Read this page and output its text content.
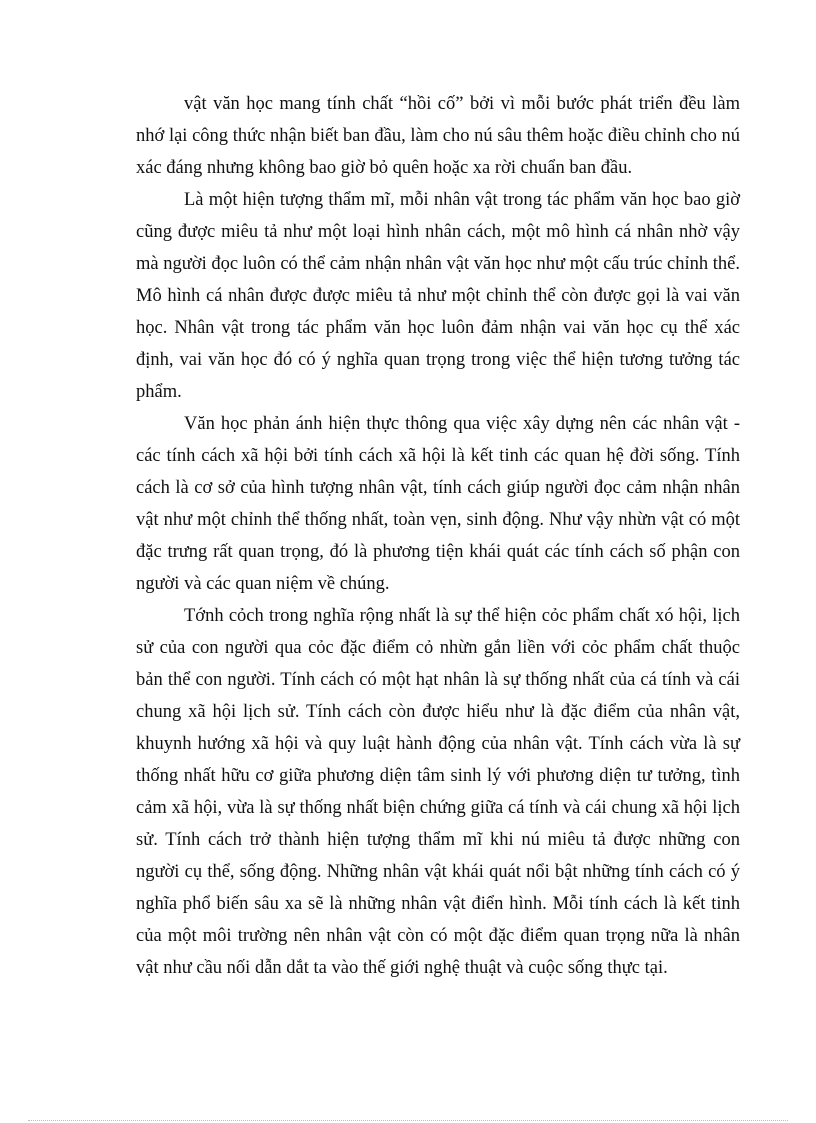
vật văn học mang tính chất “hồi cố” bởi vì mỗi bước phát triển đều làm nhớ lại công thức nhận biết ban đầu, làm cho nú sâu thêm hoặc điều chỉnh cho nú xác đáng nhưng không bao giờ bỏ quên hoặc xa rời chuẩn ban đầu.

Là một hiện tượng thẩm mĩ, mỗi nhân vật trong tác phẩm văn học bao giờ cũng được miêu tả như một loại hình nhân cách, một mô hình cá nhân nhờ vậy mà người đọc luôn có thể cảm nhận nhân vật văn học như một cấu trúc chỉnh thể. Mô hình cá nhân được được miêu tả như một chỉnh thể còn được gọi là vai văn học. Nhân vật trong tác phẩm văn học luôn đảm nhận vai văn học cụ thể xác định, vai văn học đó có ý nghĩa quan trọng trong việc thể hiện tương tưởng tác phẩm.

Văn học phản ánh hiện thực thông qua việc xây dựng nên các nhân vật - các tính cách xã hội bởi tính cách xã hội là kết tinh các quan hệ đời sống. Tính cách là cơ sở của hình tượng nhân vật, tính cách giúp người đọc cảm nhận nhân vật như một chỉnh thể thống nhất, toàn vẹn, sinh động. Như vậy nhừn vật có một đặc trưng rất quan trọng, đó là phương tiện khái quát các tính cách số phận con người và các quan niệm về chúng.

Tớnh cỏch trong nghĩa rộng nhất là sự thể hiện cỏc phẩm chất xó hội, lịch sử của con người qua cỏc đặc điểm cỏ nhừn gắn liền với cỏc phẩm chất thuộc bản thể con người. Tính cách có một hạt nhân là sự thống nhất của cá tính và cái chung xã hội lịch sử. Tính cách còn được hiểu như là đặc điểm của nhân vật, khuynh hướng xã hội và quy luật hành động của nhân vật. Tính cách vừa là sự thống nhất hữu cơ giữa phương diện tâm sinh lý với phương diện tư tưởng, tình cảm xã hội, vừa là sự thống nhất biện chứng giữa cá tính và cái chung xã hội lịch sử. Tính cách trở thành hiện tượng thẩm mĩ khi nú miêu tả được những con người cụ thể, sống động. Những nhân vật khái quát nổi bật những tính cách có ý nghĩa phổ biến sâu xa sẽ là những nhân vật điển hình. Mỗi tính cách là kết tinh của một môi trường nên nhân vật còn có một đặc điểm quan trọng nữa là nhân vật như cầu nối dẫn dắt ta vào thế giới nghệ thuật và cuộc sống thực tại.
